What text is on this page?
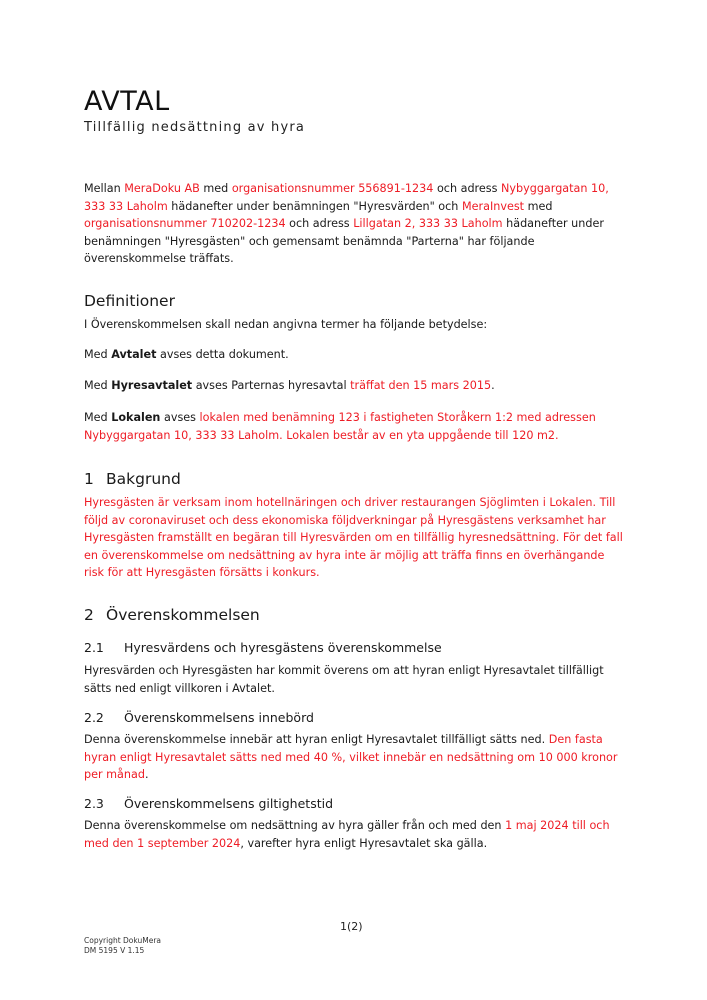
AVTAL
Tillfällig nedsättning av hyra
Mellan MeraDoku AB med organisationsnummer 556891-1234 och adress Nybyggargatan 10, 333 33 Laholm hädanefter under benämningen "Hyresvärden" och MeraInvest med organisationsnummer 710202-1234 och adress Lillgatan 2, 333 33 Laholm hädanefter under benämningen "Hyresgästen" och gemensamt benämnda "Parterna" har följande överenskommelse träffats.
Definitioner
I Överenskommelsen skall nedan angivna termer ha följande betydelse:
Med Avtalet avses detta dokument.
Med Hyresavtalet avses Parternas hyresavtal träffat den 15 mars 2015.
Med Lokalen avses lokalen med benämning 123 i fastigheten Storåkern 1:2 med adressen Nybyggargatan 10, 333 33 Laholm. Lokalen består av en yta uppgående till 120 m2.
1 Bakgrund
Hyresgästen är verksam inom hotellnäringen och driver restaurangen Sjöglimten i Lokalen. Till följd av coronaviruset och dess ekonomiska följdverkningar på Hyresgästens verksamhet har Hyresgästen framställt en begäran till Hyresvärden om en tillfällig hyresnedsättning. För det fall en överenskommelse om nedsättning av hyra inte är möjlig att träffa finns en överhängande risk för att Hyresgästen försätts i konkurs.
2 Överenskommelsen
2.1 Hyresvärdens och hyresgästens överenskommelse
Hyresvärden och Hyresgästen har kommit överens om att hyran enligt Hyresavtalet tillfälligt sätts ned enligt villkoren i Avtalet.
2.2 Överenskommelsens innebörd
Denna överenskommelse innebär att hyran enligt Hyresavtalet tillfälligt sätts ned. Den fasta hyran enligt Hyresavtalet sätts ned med 40 %, vilket innebär en nedsättning om 10 000 kronor per månad.
2.3 Överenskommelsens giltighetstid
Denna överenskommelse om nedsättning av hyra gäller från och med den 1 maj 2024 till och med den 1 september 2024, varefter hyra enligt Hyresavtalet ska gälla.
1(2)
Copyright DokuMera
DM 5195 V 1.15
